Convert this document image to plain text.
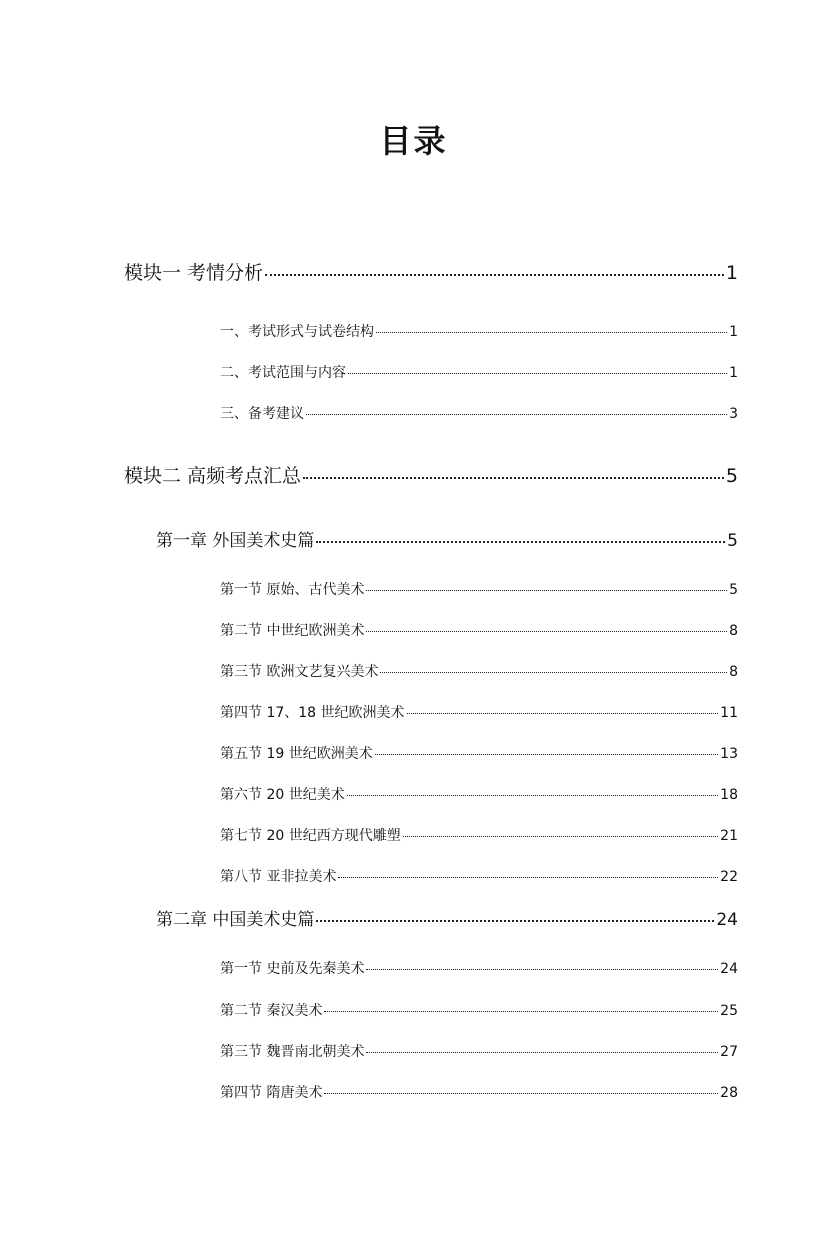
目录
模块一 考情分析	1
一、考试形式与试卷结构	1
二、考试范围与内容	1
三、备考建议	3
模块二 高频考点汇总	5
第一章 外国美术史篇	5
第一节 原始、古代美术	5
第二节 中世纪欧洲美术	8
第三节 欧洲文艺复兴美术	8
第四节 17、18 世纪欧洲美术	11
第五节 19 世纪欧洲美术	13
第六节 20 世纪美术	18
第七节 20 世纪西方现代雕塑	21
第八节 亚非拉美术	22
第二章 中国美术史篇	24
第一节 史前及先秦美术	24
第二节 秦汉美术	25
第三节 魏晋南北朝美术	27
第四节 隋唐美术	28
